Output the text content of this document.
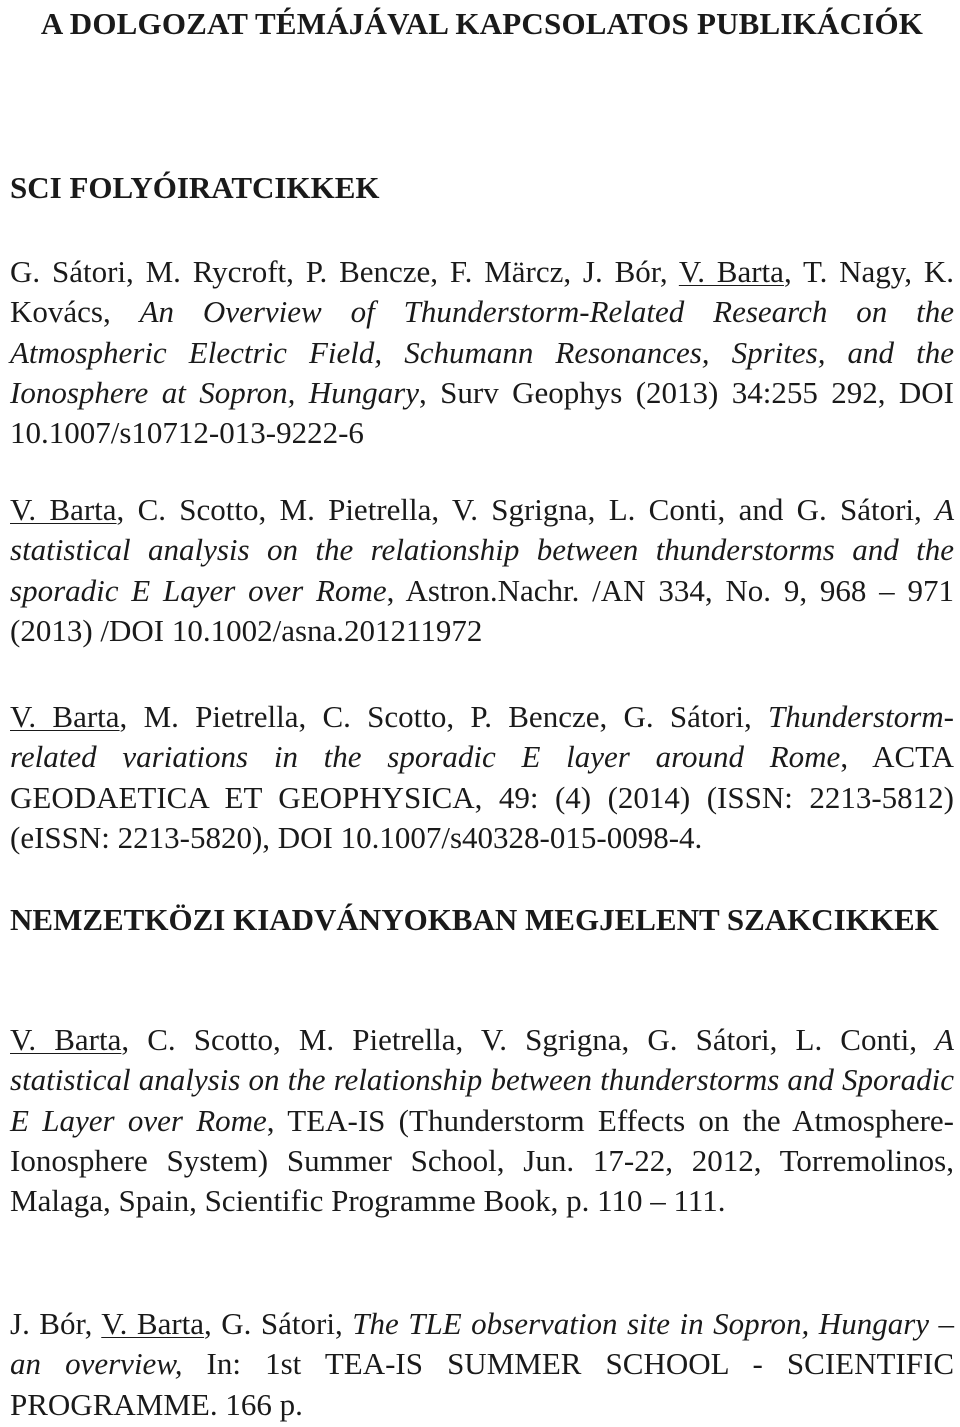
A DOLGOZAT TÉMÁJÁVAL KAPCSOLATOS PUBLIKÁCIÓK
SCI FOLYÓIRATCIKKEK

G. Sátori, M. Rycroft, P. Bencze, F. Märcz, J. Bór, V. Barta, T. Nagy, K. Kovács, An Overview of Thunderstorm-Related Research on the Atmospheric Electric Field, Schumann Resonances, Sprites, and the Ionosphere at Sopron, Hungary, Surv Geophys (2013) 34:255 292, DOI 10.1007/s10712-013-9222-6

V. Barta, C. Scotto, M. Pietrella, V. Sgrigna, L. Conti, and G. Sátori, A statistical analysis on the relationship between thunderstorms and the sporadic E Layer over Rome, Astron.Nachr. /AN 334, No. 9, 968 – 971 (2013) /DOI 10.1002/asna.201211972

V. Barta, M. Pietrella, C. Scotto, P. Bencze, G. Sátori, Thunderstorm-related variations in the sporadic E layer around Rome, ACTA GEODAETICA ET GEOPHYSICA, 49: (4) (2014) (ISSN: 2213-5812) (eISSN: 2213-5820), DOI 10.1007/s40328-015-0098-4.

NEMZETKÖZI KIADVÁNYOKBAN MEGJELENT SZAKCIKKEK

V. Barta, C. Scotto, M. Pietrella, V. Sgrigna, G. Sátori, L. Conti, A statistical analysis on the relationship between thunderstorms and Sporadic E Layer over Rome, TEA-IS (Thunderstorm Effects on the Atmosphere-Ionosphere System) Summer School, Jun. 17-22, 2012, Torremolinos, Malaga, Spain, Scientific Programme Book, p. 110 – 111.

J. Bór, V. Barta, G. Sátori, The TLE observation site in Sopron, Hungary – an overview, In: 1st TEA-IS SUMMER SCHOOL - SCIENTIFIC PROGRAMME. 166 p.
